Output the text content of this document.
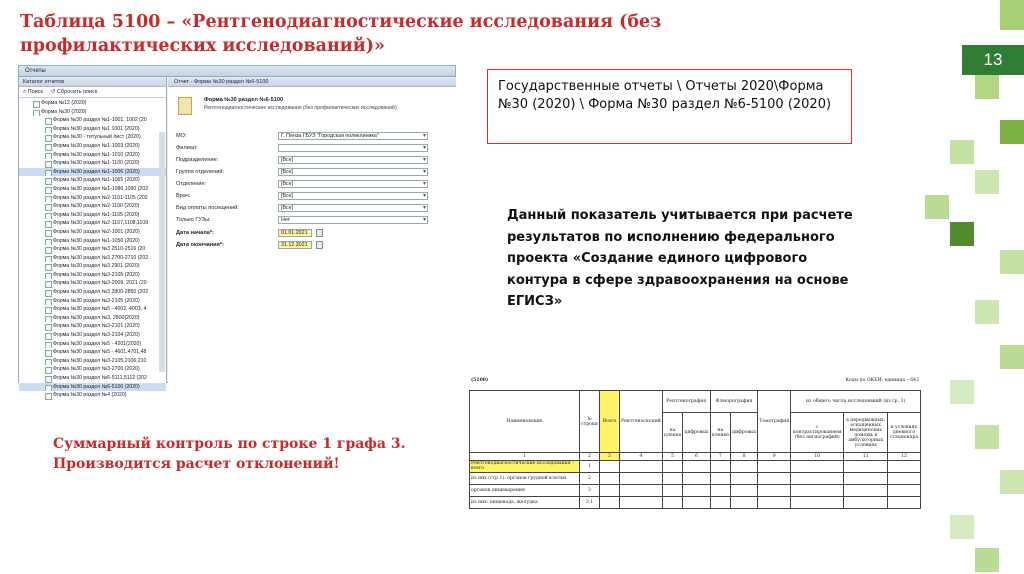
Таблица 5100 – «Рентгенодиагностические исследования (без профилактических исследований)»
13
Отчеты
Каталог отчетов
⌕ Поиск ↺ Сбросить поиск
Форма №12 (2020)
Форма №30 (2020)
Форма №30 раздел №1-1001, 1002 (20
Форма №30 раздел №1 1001 (2020)
Форма №30 - титульный лист (2020)
Форма №30 раздел №1-1003 (2020)
Форма №30 раздел №1-1010 (2020)
Форма №30 раздел №1-1100 (2020)
Форма №30 раздел №1-1006 (2020)
Форма №30 раздел №1-1065 (2020)
Форма №30 раздел №1-1080,1090 (202
Форма №30 раздел №2-1101-1105 (202
Форма №30 раздел №2-1100 (2020)
Форма №30 раздел №1-1105 (2020)
Форма №30 раздел №2-1107,1108,1109
Форма №30 раздел №2-1001 (2020)
Форма №30 раздел №1-1050 (2020)
Форма №30 раздел №3 2510-2516 (20
Форма №30 раздел №3 2700-2710 (202
Форма №30 раздел №3 2901 (2020)
Форма №30 раздел №3-2105 (2020)
Форма №30 раздел №3-2009, 2021 (20
Форма №30 раздел №3 2800-2850 (202
Форма №30 раздел №3-2105 (2020)
Форма №30 раздел №5 - 4002, 4003, 4
Форма №30 раздел №3, 2800(2020)
Форма №30 раздел №3-2101 (2020)
Форма №30 раздел №3-2104 (2020)
Форма №30 раздел №5 - 4201(2020)
Форма №30 раздел №5 - 4601,4701,48
Форма №30 раздел №3-2105,2106,210
Форма №30 раздел №3-2700 (2020)
Форма №30 раздел №6-5111,5112 (202
Форма №30 раздел №6-5100 (2020)
Форма №30 раздел №4 (2020)
Отчет - Форма №30 раздел №6-5100
Форма №30 раздел №6-5100
Рентгенодиагностические исследования (без профилактических исследований)
МО:	Г. Пенза ГБУЗ "Городская поликлиника" ▾
Филиал:
▾
Подразделение:	[Все] ▾
Группа отделений:	[Все] ▾
Отделение:	[Все] ▾
Врач:	[Все] ▾
Вид оплаты посещений:	[Все] ▾
Только ГУЗы:	Нет ▾
Дата начала*:	01.01.2021
Дата окончания*:	31.12.2021
Государственные отчеты \ Отчеты 2020\Форма №30 (2020) \ Форма №30 раздел №6-5100 (2020)
Данный показатель учитывается при расчете результатов по исполнению федерального проекта «Создание единого цифрового контура в сфере здравоохранения на основе ЕГИСЗ»
Суммарный контроль по строке 1 графа 3. Производится расчет отклонений!
(5100)	Коды по ОКЕИ: единица – 642
Наименование	№ строки	Всего	Рентгеноскопий	Рентгенография		Флюорография		Томография	из общего числа исследований (из гр. 3)		
				на пленке	цифровых	на пленке	цифровых		с контрастированием (без ангиографий)	в передвижных, оснащенных медицинских помощь в амбулаторных условиях	в условиях дневного стационара

1	2	3	4	5	6	7	8	9	10	11	12
Рентгенодиагностические исследования – всего	1										
из них (стр 1): органов грудной клетки	2										
органов пищеварения	3										
из них: пищевода, желудка	3.1										
